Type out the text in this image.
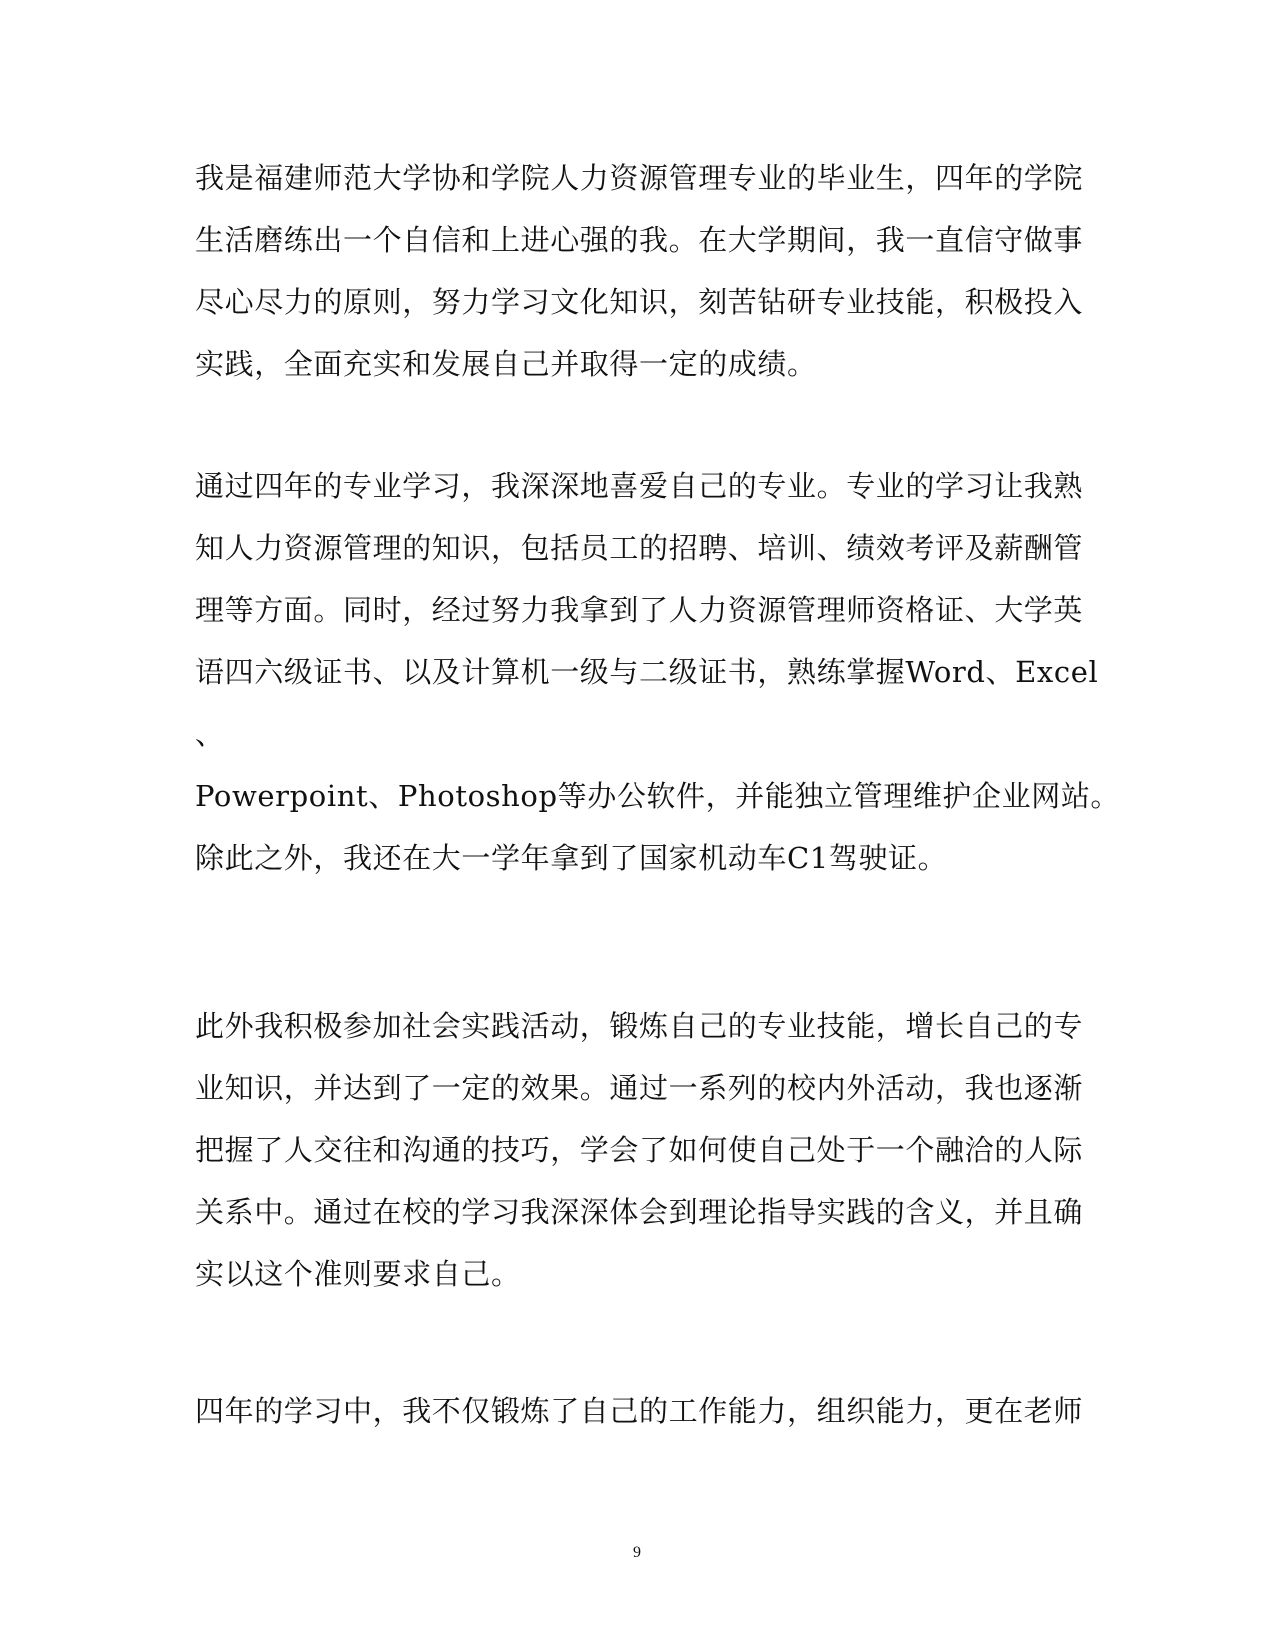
我是福建师范大学协和学院人力资源管理专业的毕业生，四年的学院
生活磨练出一个自信和上进心强的我。在大学期间，我一直信守做事
尽心尽力的原则，努力学习文化知识，刻苦钻研专业技能，积极投入
实践，全面充实和发展自己并取得一定的成绩。
通过四年的专业学习，我深深地喜爱自己的专业。专业的学习让我熟
知人力资源管理的知识，包括员工的招聘、培训、绩效考评及薪酬管
理等方面。同时，经过努力我拿到了人力资源管理师资格证、大学英
语四六级证书、以及计算机一级与二级证书，熟练掌握Word、Excel
、
Powerpoint、Photoshop等办公软件，并能独立管理维护企业网站。
除此之外，我还在大一学年拿到了国家机动车C1驾驶证。
此外我积极参加社会实践活动，锻炼自己的专业技能，增长自己的专
业知识，并达到了一定的效果。通过一系列的校内外活动，我也逐渐
把握了人交往和沟通的技巧，学会了如何使自己处于一个融洽的人际
关系中。通过在校的学习我深深体会到理论指导实践的含义，并且确
实以这个准则要求自己。
四年的学习中，我不仅锻炼了自己的工作能力，组织能力，更在老师
9
